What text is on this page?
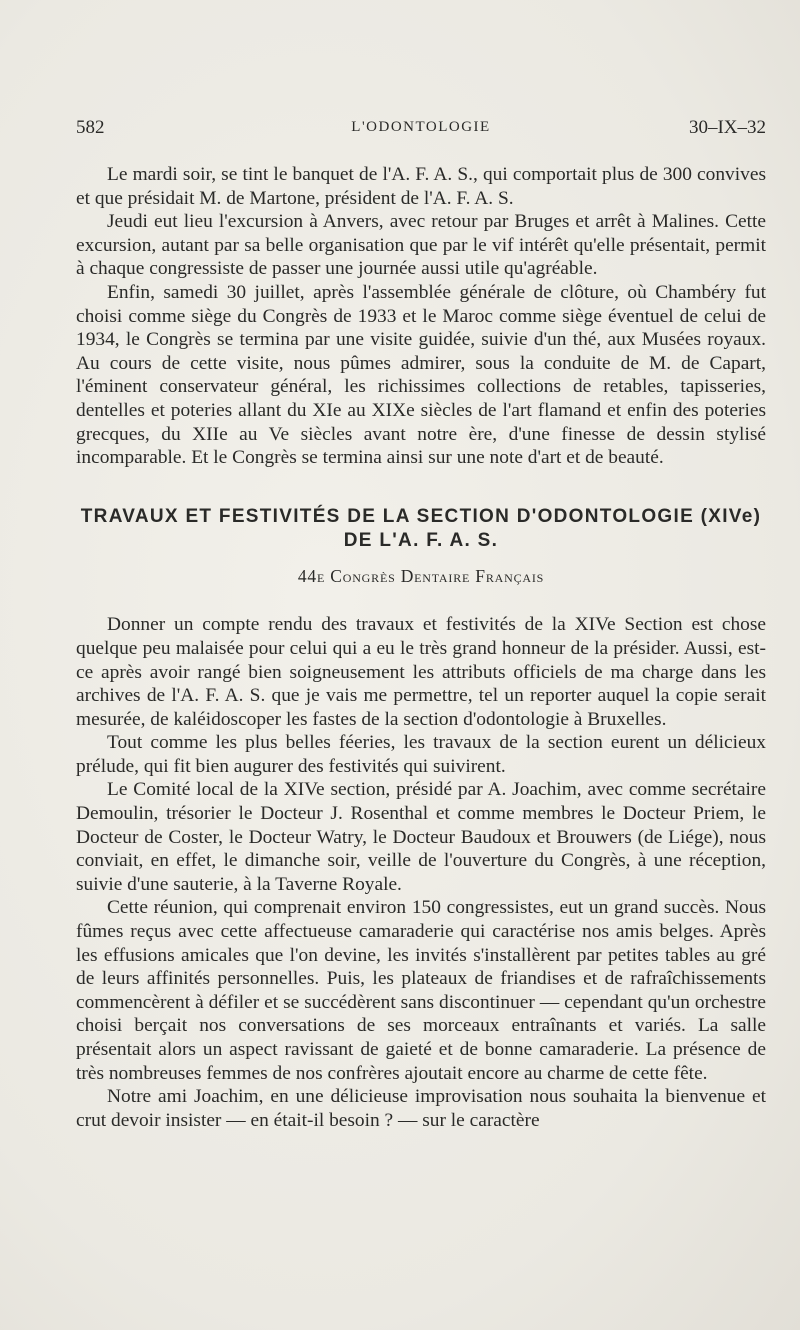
582	L'ODONTOLOGIE	30–IX–32

Le mardi soir, se tint le banquet de l'A. F. A. S., qui comportait plus de 300 convives et que présidait M. de Martone, président de l'A. F. A. S.

Jeudi eut lieu l'excursion à Anvers, avec retour par Bruges et arrêt à Malines. Cette excursion, autant par sa belle organisation que par le vif intérêt qu'elle présentait, permit à chaque congressiste de passer une journée aussi utile qu'agréable.

Enfin, samedi 30 juillet, après l'assemblée générale de clôture, où Chambéry fut choisi comme siège du Congrès de 1933 et le Maroc comme siège éventuel de celui de 1934, le Congrès se termina par une visite guidée, suivie d'un thé, aux Musées royaux. Au cours de cette visite, nous pûmes admirer, sous la conduite de M. de Capart, l'éminent conservateur général, les richissimes collections de retables, tapisseries, dentelles et poteries allant du XIe au XIXe siècles de l'art flamand et enfin des poteries grecques, du XIIe au Ve siècles avant notre ère, d'une finesse de dessin stylisé incomparable. Et le Congrès se termina ainsi sur une note d'art et de beauté.

TRAVAUX ET FESTIVITÉS DE LA SECTION D'ODONTOLOGIE (XIVe) DE L'A. F. A. S.
44e Congrès Dentaire Français

Donner un compte rendu des travaux et festivités de la XIVe Section est chose quelque peu malaisée pour celui qui a eu le très grand honneur de la présider. Aussi, est-ce après avoir rangé bien soigneusement les attributs officiels de ma charge dans les archives de l'A. F. A. S. que je vais me permettre, tel un reporter auquel la copie serait mesurée, de kaléidoscoper les fastes de la section d'odontologie à Bruxelles.

Tout comme les plus belles féeries, les travaux de la section eurent un délicieux prélude, qui fit bien augurer des festivités qui suivirent.

Le Comité local de la XIVe section, présidé par A. Joachim, avec comme secrétaire Demoulin, trésorier le Docteur J. Rosenthal et comme membres le Docteur Priem, le Docteur de Coster, le Docteur Watry, le Docteur Baudoux et Brouwers (de Liége), nous conviait, en effet, le dimanche soir, veille de l'ouverture du Congrès, à une réception, suivie d'une sauterie, à la Taverne Royale.

Cette réunion, qui comprenait environ 150 congressistes, eut un grand succès. Nous fûmes reçus avec cette affectueuse camaraderie qui caractérise nos amis belges. Après les effusions amicales que l'on devine, les invités s'installèrent par petites tables au gré de leurs affinités personnelles. Puis, les plateaux de friandises et de rafraîchissements commencèrent à défiler et se succédèrent sans discontinuer — cependant qu'un orchestre choisi berçait nos conversations de ses morceaux entraînants et variés. La salle présentait alors un aspect ravissant de gaieté et de bonne camaraderie. La présence de très nombreuses femmes de nos confrères ajoutait encore au charme de cette fête.

Notre ami Joachim, en une délicieuse improvisation nous souhaita la bienvenue et crut devoir insister — en était-il besoin ? — sur le caractère
